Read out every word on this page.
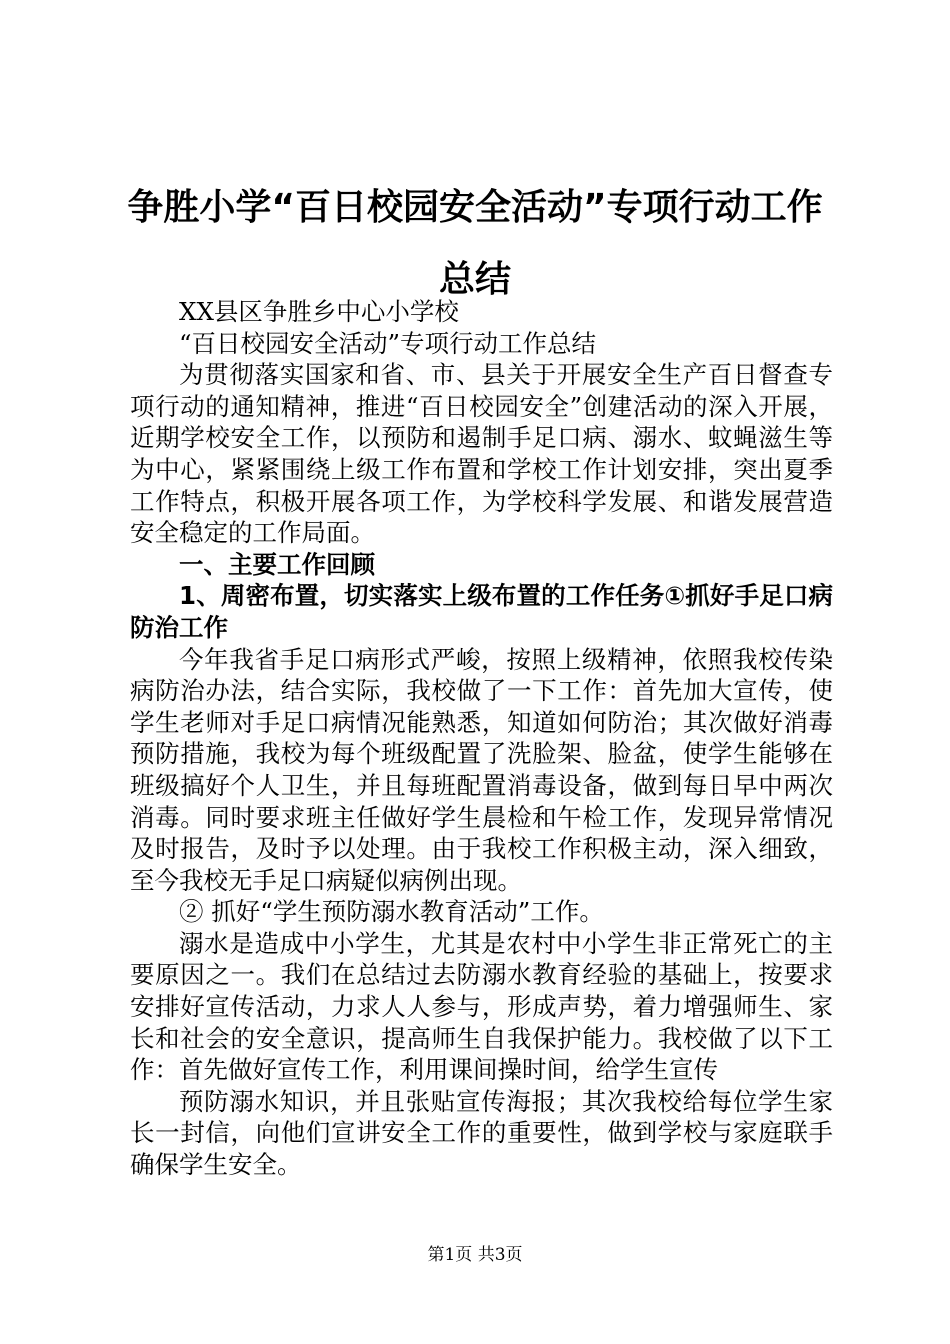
争胜小学“百日校园安全活动”专项行动工作
总结

XX县区争胜乡中心小学校

“百日校园安全活动”专项行动工作总结

为贯彻落实国家和省、市、县关于开展安全生产百日督查专项行动的通知精神，推进“百日校园安全”创建活动的深入开展，近期学校安全工作，以预防和遏制手足口病、溺水、蚊蝇滋生等为中心，紧紧围绕上级工作布置和学校工作计划安排，突出夏季工作特点，积极开展各项工作，为学校科学发展、和谐发展营造安全稳定的工作局面。

一、主要工作回顾

1、周密布置，切实落实上级布置的工作任务①抓好手足口病防治工作

今年我省手足口病形式严峻，按照上级精神，依照我校传染病防治办法，结合实际，我校做了一下工作：首先加大宣传，使学生老师对手足口病情况能熟悉，知道如何防治；其次做好消毒预防措施，我校为每个班级配置了洗脸架、脸盆，使学生能够在班级搞好个人卫生，并且每班配置消毒设备，做到每日早中两次消毒。同时要求班主任做好学生晨检和午检工作，发现异常情况及时报告，及时予以处理。由于我校工作积极主动，深入细致，至今我校无手足口病疑似病例出现。

② 抓好“学生预防溺水教育活动”工作。

溺水是造成中小学生，尤其是农村中小学生非正常死亡的主要原因之一。我们在总结过去防溺水教育经验的基础上，按要求安排好宣传活动，力求人人参与，形成声势，着力增强师生、家长和社会的安全意识，提高师生自我保护能力。我校做了以下工作：首先做好宣传工作，利用课间操时间，给学生宣传

预防溺水知识，并且张贴宣传海报；其次我校给每位学生家长一封信，向他们宣讲安全工作的重要性，做到学校与家庭联手确保学生安全。

第1页 共3页
